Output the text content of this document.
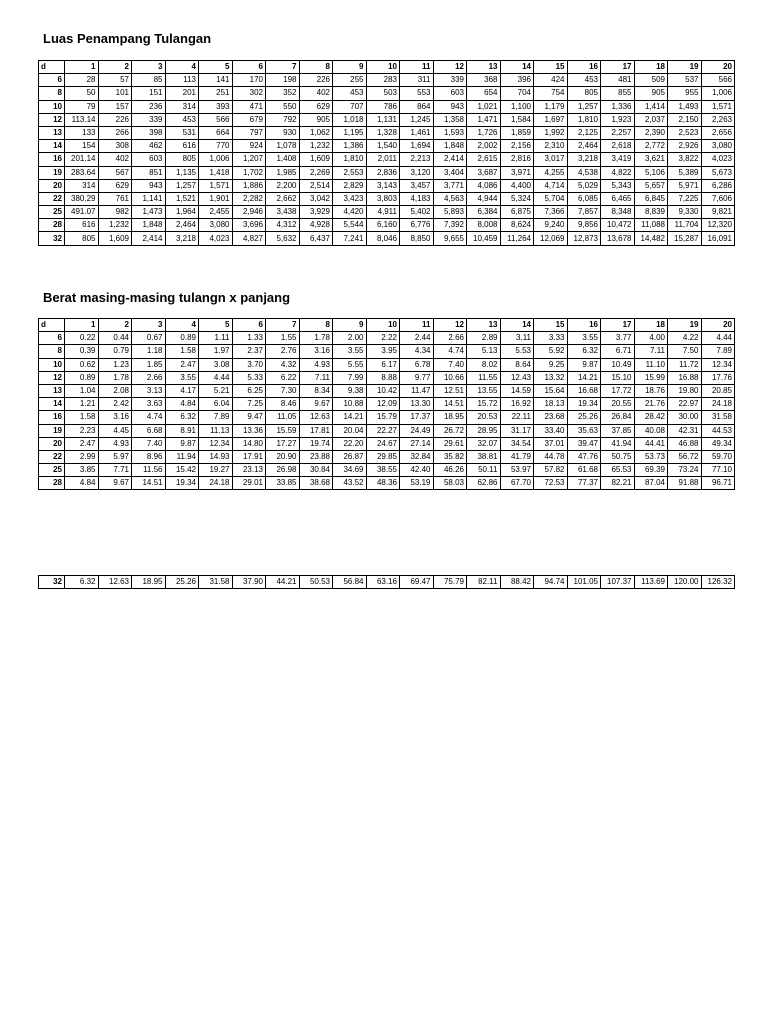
Luas Penampang Tulangan
d	1	2	3	4	5	6	7	8	9	10	11	12	13	14	15	16	17	18	19	20
6	28	57	85	113	141	170	198	226	255	283	311	339	368	396	424	453	481	509	537	566
8	50	101	151	201	251	302	352	402	453	503	553	603	654	704	754	805	855	905	955	1,006
10	79	157	236	314	393	471	550	629	707	786	864	943	1,021	1,100	1,179	1,257	1,336	1,414	1,493	1,571
12	113.14	226	339	453	566	679	792	905	1,018	1,131	1,245	1,358	1,471	1,584	1,697	1,810	1,923	2,037	2,150	2,263
13	133	266	398	531	664	797	930	1,062	1,195	1,328	1,461	1,593	1,726	1,859	1,992	2,125	2,257	2,390	2,523	2,656
14	154	308	462	616	770	924	1,078	1,232	1,386	1,540	1,694	1,848	2,002	2,156	2,310	2,464	2,618	2,772	2,926	3,080
16	201.14	402	603	805	1,006	1,207	1,408	1,609	1,810	2,011	2,213	2,414	2,615	2,816	3,017	3,218	3,419	3,621	3,822	4,023
19	283.64	567	851	1,135	1,418	1,702	1,985	2,269	2,553	2,836	3,120	3,404	3,687	3,971	4,255	4,538	4,822	5,106	5,389	5,673
20	314	629	943	1,257	1,571	1,886	2,200	2,514	2,829	3,143	3,457	3,771	4,086	4,400	4,714	5,029	5,343	5,657	5,971	6,286
22	380.29	761	1,141	1,521	1,901	2,282	2,662	3,042	3,423	3,803	4,183	4,563	4,944	5,324	5,704	6,085	6,465	6,845	7,225	7,606
25	491.07	982	1,473	1,964	2,455	2,946	3,438	3,929	4,420	4,911	5,402	5,893	6,384	6,875	7,366	7,857	8,348	8,839	9,330	9,821
28	616	1,232	1,848	2,464	3,080	3,696	4,312	4,928	5,544	6,160	6,776	7,392	8,008	8,624	9,240	9,856	10,472	11,088	11,704	12,320
32	805	1,609	2,414	3,218	4,023	4,827	5,632	6,437	7,241	8,046	8,850	9,655	10,459	11,264	12,069	12,873	13,678	14,482	15,287	16,091
Berat masing-masing tulangn x panjang
d	1	2	3	4	5	6	7	8	9	10	11	12	13	14	15	16	17	18	19	20
6	0.22	0.44	0.67	0.89	1.11	1.33	1.55	1.78	2.00	2.22	2.44	2.66	2.89	3.11	3.33	3.55	3.77	4.00	4.22	4.44
8	0.39	0.79	1.18	1.58	1.97	2.37	2.76	3.16	3.55	3.95	4.34	4.74	5.13	5.53	5.92	6.32	6.71	7.11	7.50	7.89
10	0.62	1.23	1.85	2.47	3.08	3.70	4.32	4.93	5.55	6.17	6.78	7.40	8.02	8.64	9.25	9.87	10.49	11.10	11.72	12.34
12	0.89	1.78	2.66	3.55	4.44	5.33	6.22	7.11	7.99	8.88	9.77	10.66	11.55	12.43	13.32	14.21	15.10	15.99	16.88	17.76
13	1.04	2.08	3.13	4.17	5.21	6.25	7.30	8.34	9.38	10.42	11.47	12.51	13.55	14.59	15.64	16.68	17.72	18.76	19.80	20.85
14	1.21	2.42	3.63	4.84	6.04	7.25	8.46	9.67	10.88	12.09	13.30	14.51	15.72	16.92	18.13	19.34	20.55	21.76	22.97	24.18
16	1.58	3.16	4.74	6.32	7.89	9.47	11.05	12.63	14.21	15.79	17.37	18.95	20.53	22.11	23.68	25.26	26.84	28.42	30.00	31.58
19	2.23	4.45	6.68	8.91	11.13	13.36	15.59	17.81	20.04	22.27	24.49	26.72	28.95	31.17	33.40	35.63	37.85	40.08	42.31	44.53
20	2.47	4.93	7.40	9.87	12.34	14.80	17.27	19.74	22.20	24.67	27.14	29.61	32.07	34.54	37.01	39.47	41.94	44.41	46.88	49.34
22	2.99	5.97	8.96	11.94	14.93	17.91	20.90	23.88	26.87	29.85	32.84	35.82	38.81	41.79	44.78	47.76	50.75	53.73	56.72	59.70
25	3.85	7.71	11.56	15.42	19.27	23.13	26.98	30.84	34.69	38.55	42.40	46.26	50.11	53.97	57.82	61.68	65.53	69.39	73.24	77.10
28	4.84	9.67	14.51	19.34	24.18	29.01	33.85	38.68	43.52	48.36	53.19	58.03	62.86	67.70	72.53	77.37	82.21	87.04	91.88	96.71
32	6.32	12.63	18.95	25.26	31.58	37.90	44.21	50.53	56.84	63.16	69.47	75.79	82.11	88.42	94.74	101.05	107.37	113.69	120.00	126.32
